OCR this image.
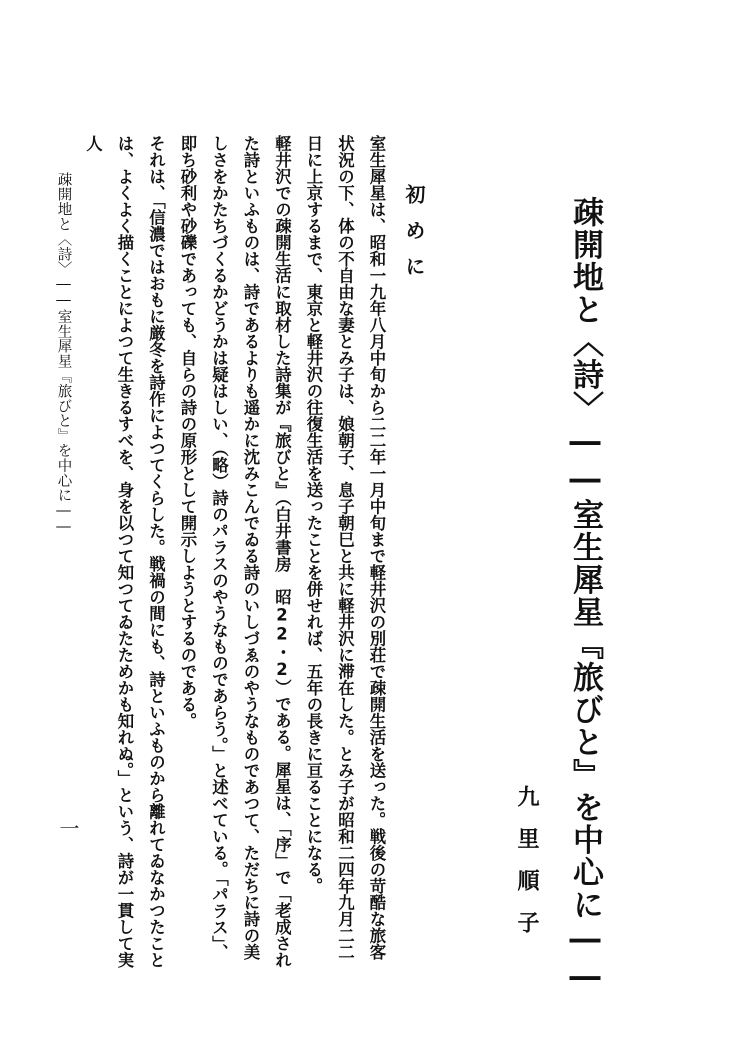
疎開地と〈詩〉――室生犀星『旅びと』を中心に――
九里順子
初めに

室生犀星は、昭和一九年八月中旬から二二年一月中旬まで軽井沢の別荘で疎開生活を送った。戦後の苛酷な旅客状況の下、体の不自由な妻とみ子は、娘朝子、息子朝巳と共に軽井沢に滞在した。とみ子が昭和二四年九月二二日に上京するまで、東京と軽井沢の往復生活を送ったことを併せれば、五年の長きに亘ることになる。

軽井沢での疎開生活に取材した詩集が『旅びと』（白井書房　昭22・2）である。犀星は、「序」で「老成された詩といふものは、詩であるよりも遥かに沈みこんでゐる詩のいしづゑのやうなものであつて、ただちに詩の美しさをかたちづくるかどうかは疑はしい、（略）詩のパラスのやうなものであらう。」と述べている。「パラス」、即ち砂利や砂礫であっても、自らの詩の原形として開示しようとするのである。

それは、「信濃ではおもに厳冬を詩作によつてくらした。戦禍の間にも、詩といふものから離れてゐなかつたことは、よくよく描くことによつて生きるすべを、身を以つて知つてゐたためかも知れぬ。」という、詩が一貫して実人

疎開地と〈詩〉――室生犀星『旅びと』を中心に――
一
